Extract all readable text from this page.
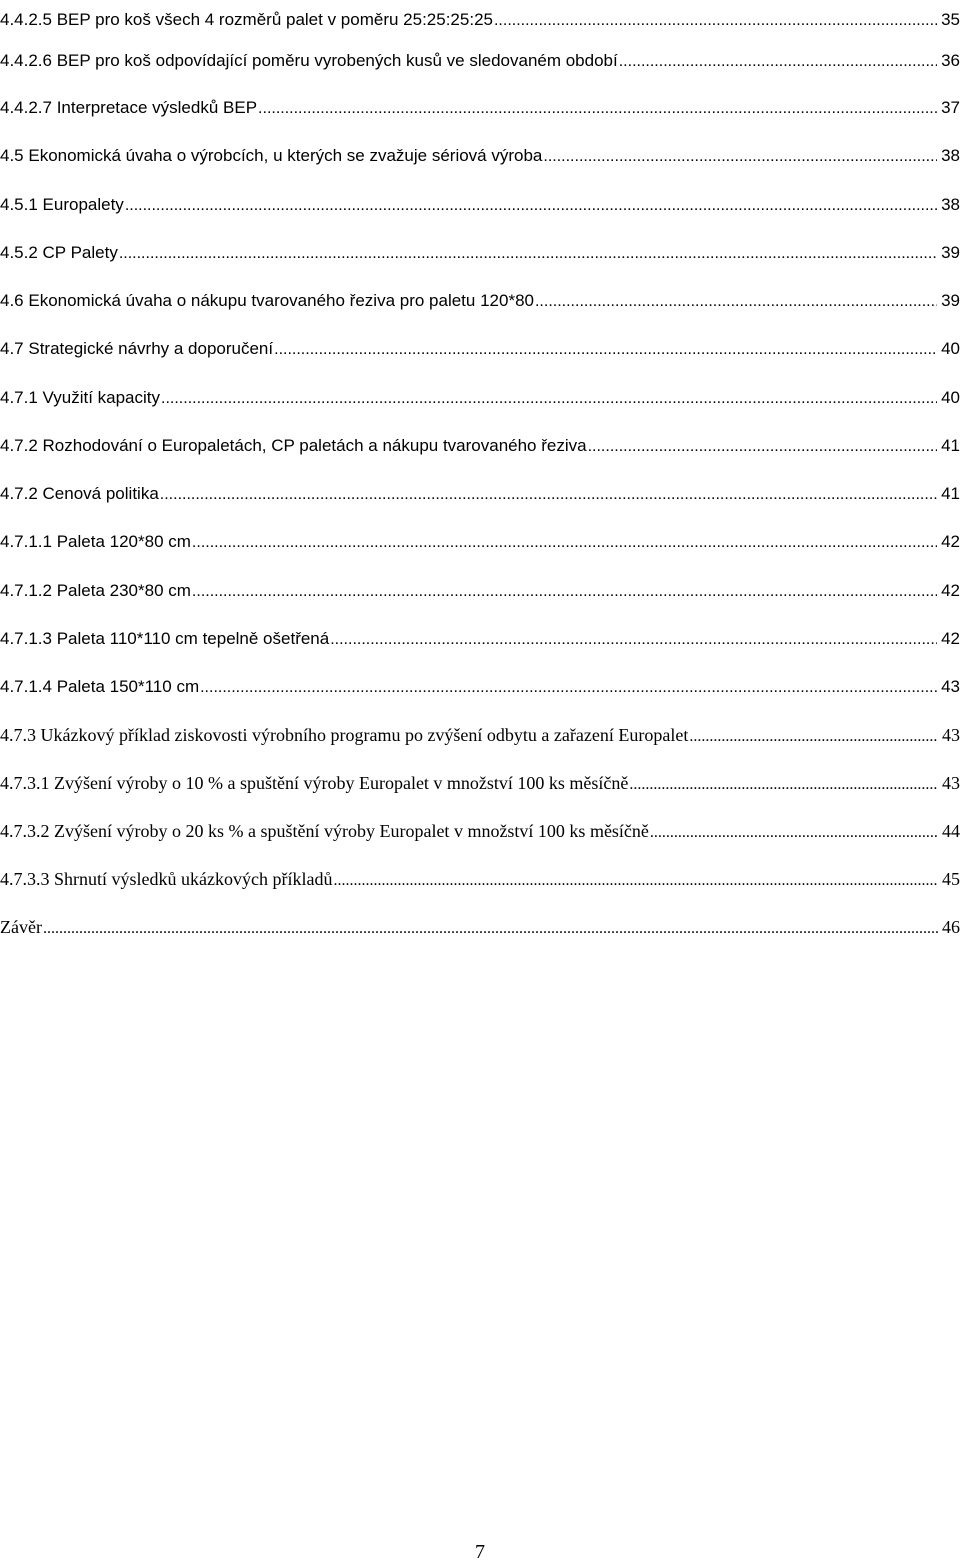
4.4.2.5 BEP pro koš všech 4 rozměrů palet v poměru 25:25:25:25 .....	35
4.4.2.6 BEP pro koš odpovídající poměru vyrobených kusů ve sledovaném období .....	36
4.4.2.7 Interpretace výsledků BEP .....	37
4.5 Ekonomická úvaha o výrobcích, u kterých se zvažuje sériová výroba .....	38
4.5.1 Europalety .....	38
4.5.2 CP Palety .....	39
4.6 Ekonomická úvaha o nákupu tvarovaného řeziva pro paletu 120*80 .....	39
4.7 Strategické návrhy a doporučení .....	40
4.7.1 Využití kapacity .....	40
4.7.2 Rozhodování o Europaletách, CP paletách a nákupu tvarovaného řeziva .....	41
4.7.2 Cenová politika .....	41
4.7.1.1 Paleta 120*80 cm .....	42
4.7.1.2 Paleta 230*80 cm .....	42
4.7.1.3 Paleta 110*110 cm tepelně ošetřená .....	42
4.7.1.4 Paleta 150*110 cm .....	43
4.7.3 Ukázkový příklad ziskovosti výrobního programu po zvýšení odbytu a zařazení Europalet .....	43
4.7.3.1 Zvýšení výroby o 10 % a spuštění výroby Europalet v množství 100 ks měsíčně .....	43
4.7.3.2 Zvýšení výroby o 20 ks % a spuštění výroby Europalet v množství 100 ks měsíčně .....	44
4.7.3.3 Shrnutí výsledků ukázkových příkladů .....	45
Závěr .....	46
7
